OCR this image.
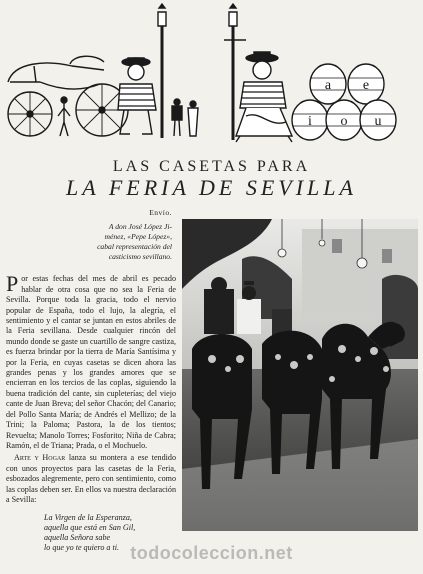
a e
i o u
LAS CASETAS PARA
LA FERIA DE SEVILLA
Envío.
A don José López Ji-
ménez, «Pepe López»,
cabal representación del
casticismo sevillano.

Por estas fechas del mes de abril es pecado hablar de otra cosa que no sea la Feria de Sevilla. Porque toda la gracia, todo el nervio popular de España, todo el lujo, la alegría, el sentimiento y el cantar se juntan en estos abriles de la Feria sevillana. Desde cualquier rincón del mundo donde se gaste un cuartillo de sangre castiza, es fuerza brindar por la tierra de María Santísima y por la Feria, en cuyas casetas se dicen ahora las grandes penas y los grandes amores que se encierran en los tercios de las coplas, siguiendo la buena tradición del cante, sin cupleterías; del viejo cante de Juan Breva; del señor Chacón; del Canario; del Pollo Santa María; de Andrés el Mellizo; de la Trini; la Paloma; Pastora, la de los tientos; Revuelta; Manolo Torres; Fosforito; Niña de Cabra; Ramón, el de Triana; Prada, o el Mochuelo.

Arte y Hogar lanza su montera a ese tendido con unos proyectos para las casetas de la Feria, esbozados alegremente, pero con sentimiento, como las coplas deben ser. En ellos va nuestra declaración a Sevilla:

La Virgen de la Esperanza,
aquella que está en San Gil,
aquella Señora sabe
lo que yo te quiero a ti. todocoleccion.net
